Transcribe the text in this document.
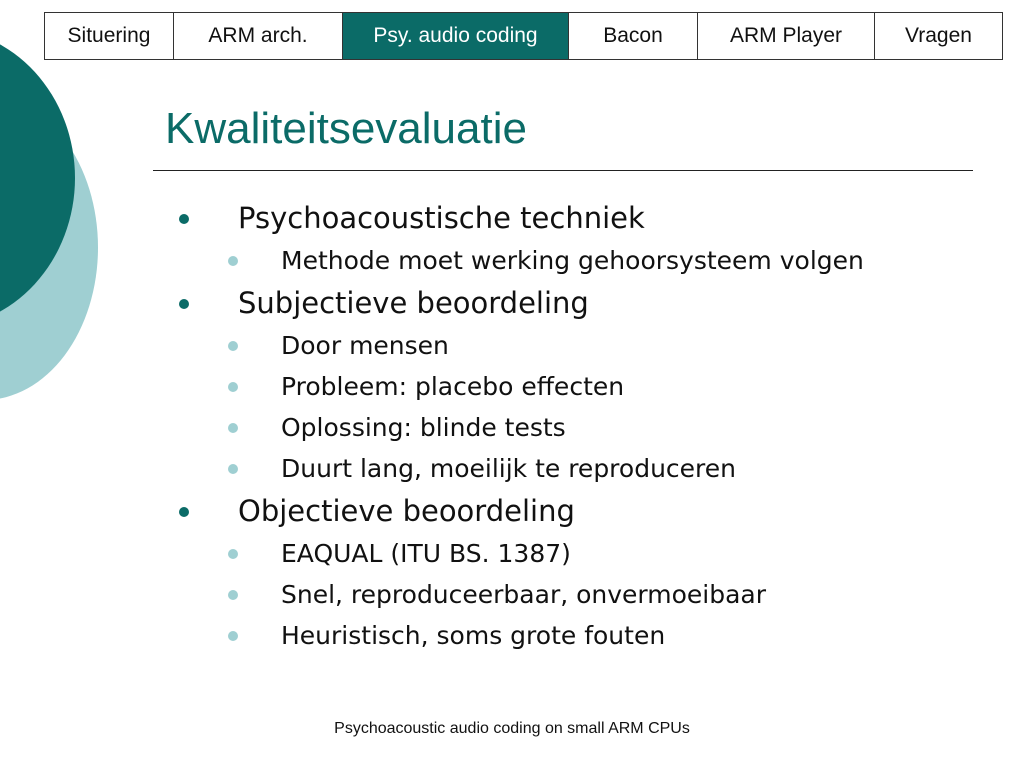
Situering	ARM arch.	Psy. audio coding	Bacon	ARM Player	Vragen
Kwaliteitsevaluatie
Psychoacoustische techniek
Methode moet werking gehoorsysteem volgen
Subjectieve beoordeling
Door mensen
Probleem: placebo effecten
Oplossing: blinde tests
Duurt lang, moeilijk te reproduceren
Objectieve beoordeling
EAQUAL (ITU BS. 1387)
Snel, reproduceerbaar, onvermoeibaar
Heuristisch, soms grote fouten
Psychoacoustic audio coding on small ARM CPUs
